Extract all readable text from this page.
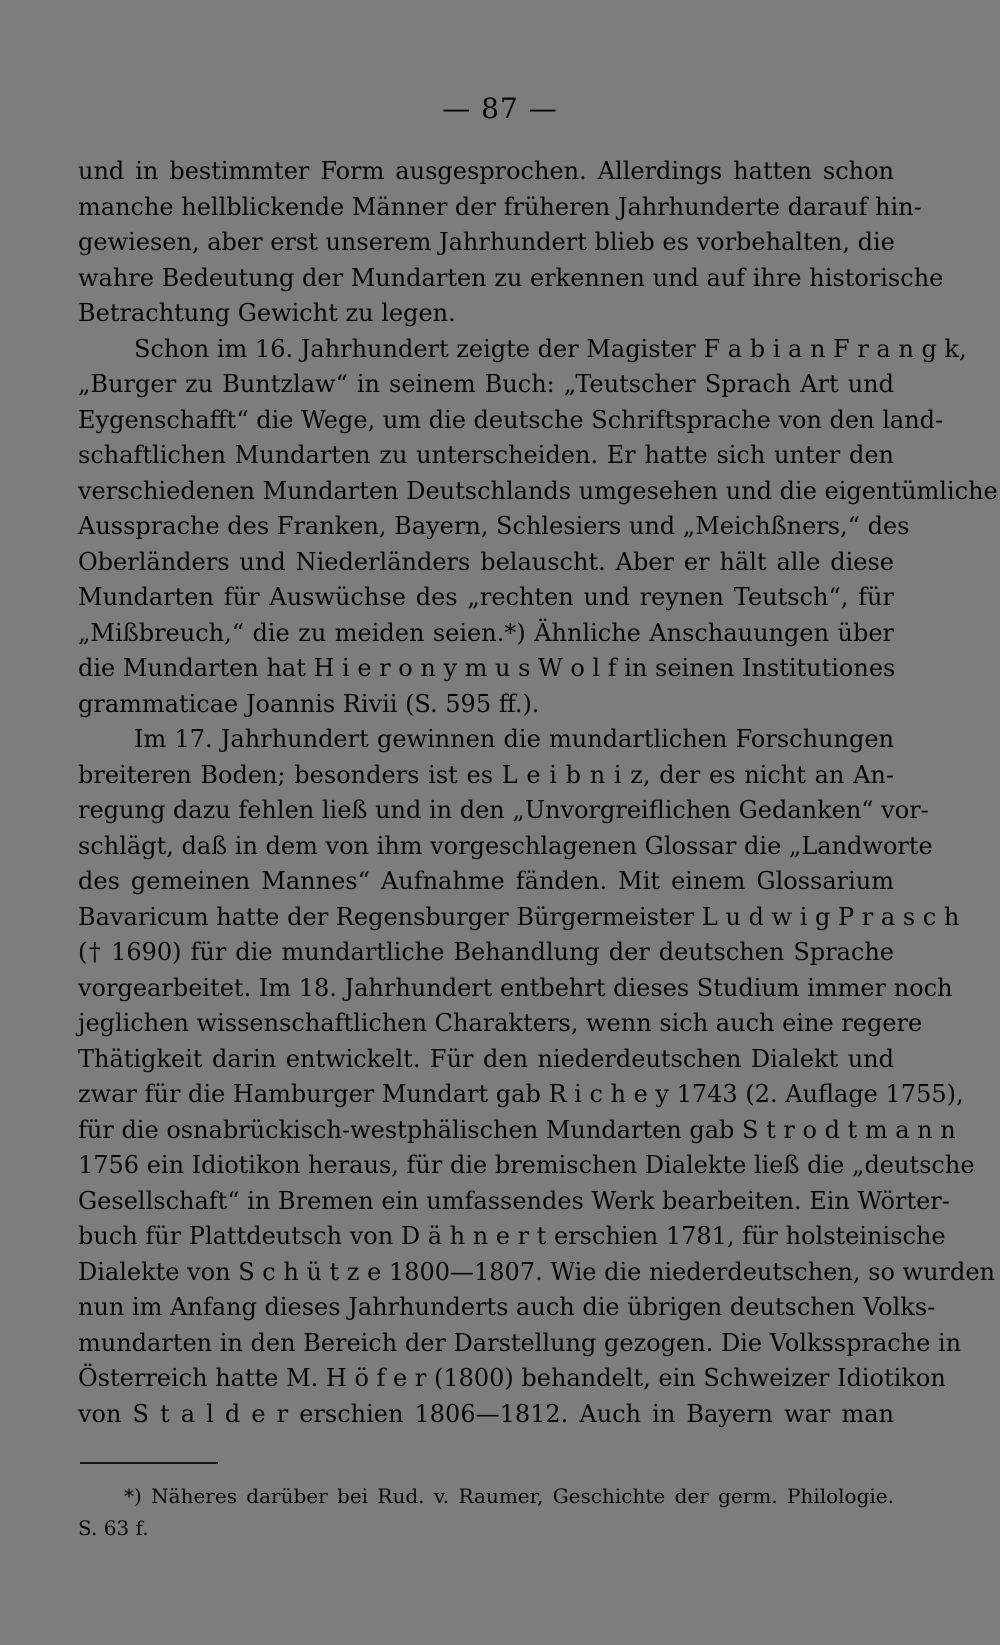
— 87 —
und in bestimmter Form ausgesprochen. Allerdings hatten schon
manche hellblickende Männer der früheren Jahrhunderte darauf hin-
gewiesen, aber erst unserem Jahrhundert blieb es vorbehalten, die
wahre Bedeutung der Mundarten zu erkennen und auf ihre historische
Betrachtung Gewicht zu legen.
Schon im 16. Jahrhundert zeigte der Magister F a b i a n F r a n g k,
„Burger zu Buntzlaw“ in seinem Buch: „Teutscher Sprach Art und
Eygenschafft“ die Wege, um die deutsche Schriftsprache von den land-
schaftlichen Mundarten zu unterscheiden. Er hatte sich unter den
verschiedenen Mundarten Deutschlands umgesehen und die eigentümliche
Aussprache des Franken, Bayern, Schlesiers und „Meichßners,“ des
Oberländers und Niederländers belauscht. Aber er hält alle diese
Mundarten für Auswüchse des „rechten und reynen Teutsch“, für
„Mißbreuch,“ die zu meiden seien.*) Ähnliche Anschauungen über
die Mundarten hat H i e r o n y m u s W o l f in seinen Institutiones
grammaticae Joannis Rivii (S. 595 ff.).
Im 17. Jahrhundert gewinnen die mundartlichen Forschungen
breiteren Boden; besonders ist es L e i b n i z, der es nicht an An-
regung dazu fehlen ließ und in den „Unvorgreiflichen Gedanken“ vor-
schlägt, daß in dem von ihm vorgeschlagenen Glossar die „Landworte
des gemeinen Mannes“ Aufnahme fänden. Mit einem Glossarium
Bavaricum hatte der Regensburger Bürgermeister L u d w i g P r a s c h
(† 1690) für die mundartliche Behandlung der deutschen Sprache
vorgearbeitet. Im 18. Jahrhundert entbehrt dieses Studium immer noch
jeglichen wissenschaftlichen Charakters, wenn sich auch eine regere
Thätigkeit darin entwickelt. Für den niederdeutschen Dialekt und
zwar für die Hamburger Mundart gab R i c h e y 1743 (2. Auflage 1755),
für die osnabrückisch-westphälischen Mundarten gab S t r o d t m a n n
1756 ein Idiotikon heraus, für die bremischen Dialekte ließ die „deutsche
Gesellschaft“ in Bremen ein umfassendes Werk bearbeiten. Ein Wörter-
buch für Plattdeutsch von D ä h n e r t erschien 1781, für holsteinische
Dialekte von S c h ü t z e 1800—1807. Wie die niederdeutschen, so wurden
nun im Anfang dieses Jahrhunderts auch die übrigen deutschen Volks-
mundarten in den Bereich der Darstellung gezogen. Die Volkssprache in
Österreich hatte M. H ö f e r (1800) behandelt, ein Schweizer Idiotikon
von S t a l d e r erschien 1806—1812. Auch in Bayern war man
*) Näheres darüber bei Rud. v. Raumer, Geschichte der germ. Philologie.
S. 63 f.
